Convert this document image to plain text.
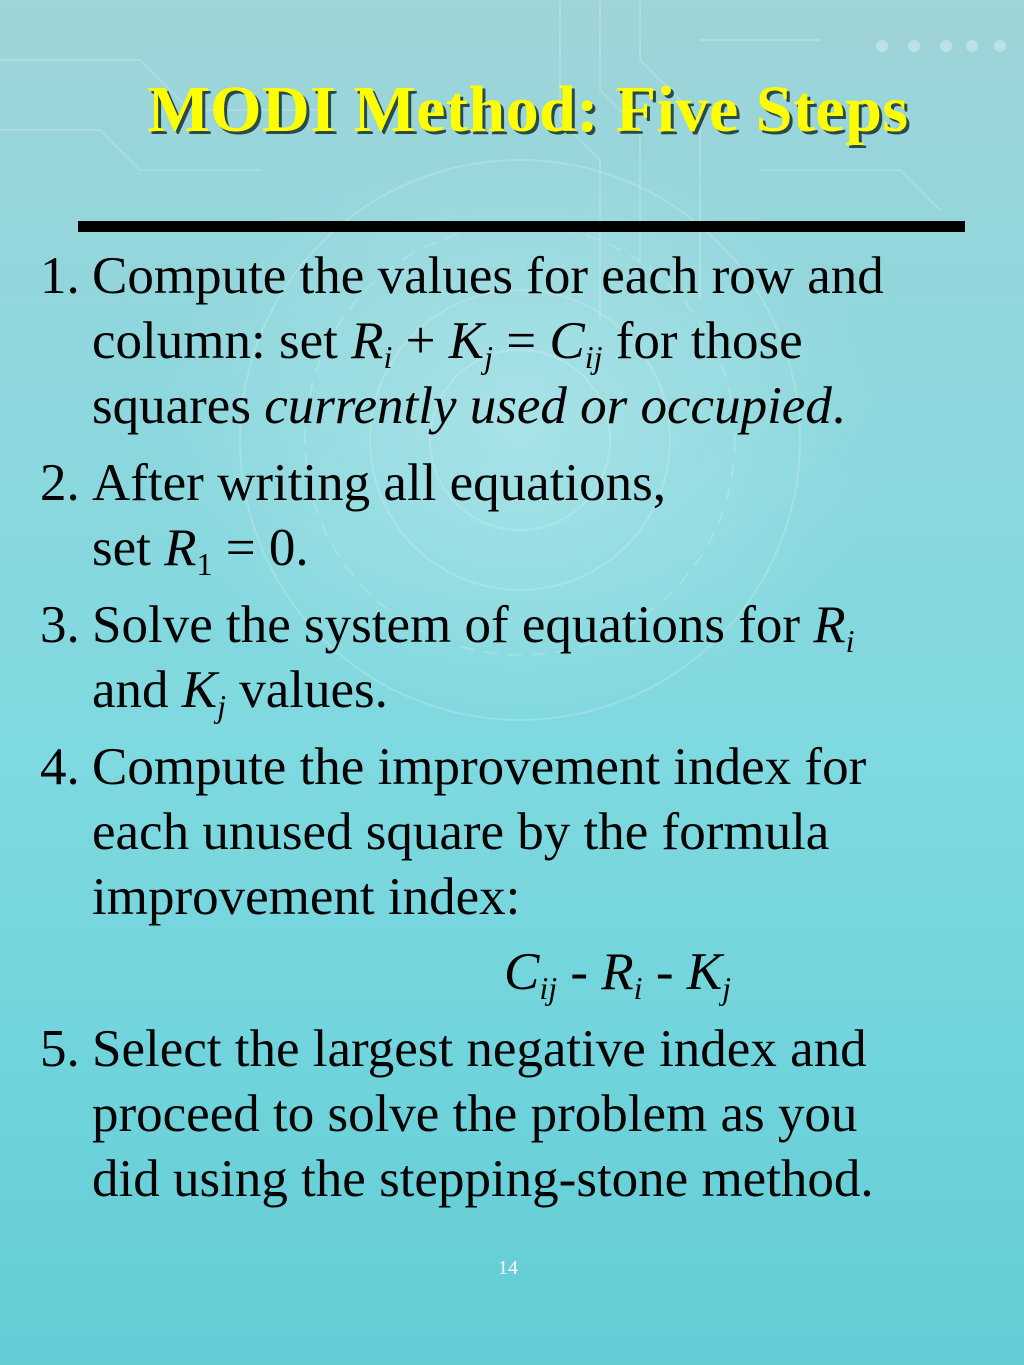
MODI Method: Five Steps
1. Compute the values for each row and
column: set $R_i + K_j = C_{ij}$ for those
squares currently used or occupied.
2. After writing all equations,
set $R_1 = 0$.
3. Solve the system of equations for $R_i$
and $K_j$ values.
4. Compute the improvement index for
each unused square by the formula
improvement index:
$C_{ij} - R_i - K_j$
5. Select the largest negative index and
proceed to solve the problem as you
did using the stepping-stone method.
14
